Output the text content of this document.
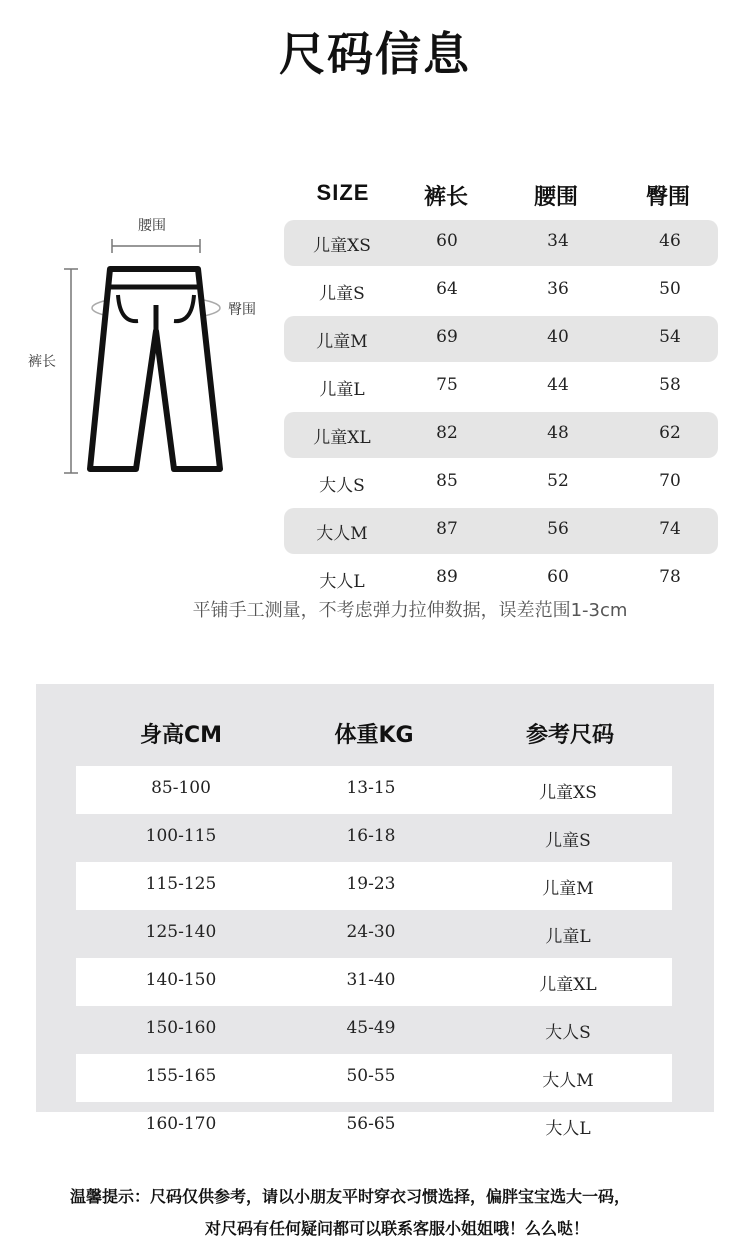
尺码信息
腰围
臀围
裤长
SIZE	裤长	腰围	臀围
儿童XS	60	34	46
儿童S	64	36	50
儿童M	69	40	54
儿童L	75	44	58
儿童XL	82	48	62
大人S	85	52	70
大人M	87	56	74
大人L	89	60	78
平铺手工测量，不考虑弹力拉伸数据，误差范围1-3cm
身高CM	体重KG	参考尺码
85-100	13-15	儿童XS
100-115	16-18	儿童S
115-125	19-23	儿童M
125-140	24-30	儿童L
140-150	31-40	儿童XL
150-160	45-49	大人S
155-165	50-55	大人M
160-170	56-65	大人L
温馨提示：尺码仅供参考，请以小朋友平时穿衣习惯选择，偏胖宝宝选大一码，
对尺码有任何疑问都可以联系客服小姐姐哦！么么哒！
